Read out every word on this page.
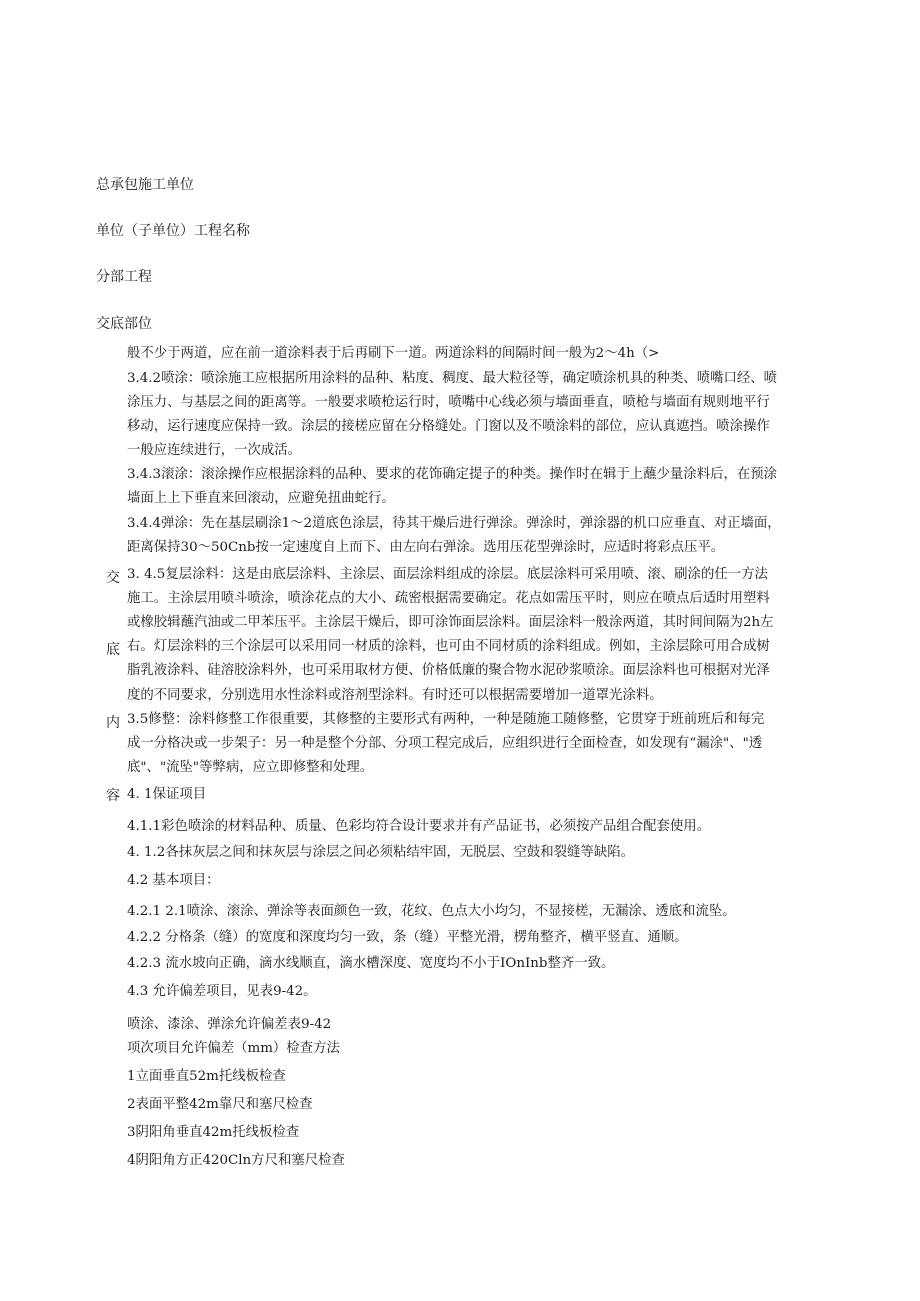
总承包施工单位
单位（子单位）工程名称
分部工程
交底部位
交
底
内
容
般不少于两道，应在前一道涂料表于后再刷下一道。两道涂料的间隔时间一般为2～4h（>
3.4.2喷涂：喷涂施工应根据所用涂料的品种、粘度、稠度、最大粒径等，确定喷涂机具的种类、喷嘴口经、喷
涂压力、与基层之间的距离等。一般要求喷枪运行时，喷嘴中心线必须与墙面垂直，喷枪与墙面有规则地平行
移动，运行速度应保持一致。涂层的接槎应留在分格缝处。门窗以及不喷涂料的部位，应认真遮挡。喷涂操作
一般应连续进行，一次成活。
3.4.3滚涂：滚涂操作应根据涂料的品种、要求的花饰确定提子的种类。操作时在辑于上蘸少量涂料后，在预涂
墙面上上下垂直来回滚动，应避免扭曲蛇行。
3.4.4弹涂：先在基层刷涂1～2道底色涂层，待其干燥后进行弹涂。弹涂时，弹涂器的机口应垂直、对正墙面，
距离保持30～50Cnb按一定速度自上而下、由左向右弹涂。选用压花型弹涂时，应适时将彩点压平。
3. 4.5复层涂料：这是由底层涂料、主涂层、面层涂料组成的涂层。底层涂料可采用喷、滚、刷涂的任一方法
施工。主涂层用喷斗喷涂，喷涂花点的大小、疏密根据需要确定。花点如需压平时，则应在喷点后适时用塑料
或橡胶辑蘸汽油或二甲苯压平。主涂层干燥后，即可涂饰面层涂料。面层涂料一般涂两道，其时间间隔为2h左
右。灯层涂料的三个涂层可以采用同一材质的涂料，也可由不同材质的涂料组成。例如，主涂层除可用合成树
脂乳液涂料、硅溶胶涂料外，也可采用取材方便、价格低廉的聚合物水泥砂浆喷涂。面层涂料也可根据对光泽
度的不同要求，分别选用水性涂料或溶剂型涂料。有时还可以根据需要增加一道罩光涂料。
3.5修整：涂料修整工作很重要，其修整的主要形式有两种，一种是随施工随修整，它贯穿于班前班后和每完
成一分格决或一步架子：另一种是整个分部、分项工程完成后，应组织进行全面检查，如发现有“漏涂"、"透
底"、"流坠"等弊病，应立即修整和处理。
4. 1保证项目
4.1.1彩色喷涂的材料品种、质量、色彩均符合设计要求并有产品证书，必须按产品组合配套使用。
4. 1.2各抹灰层之间和抹灰层与涂层之间必须粘结牢固，无脱层、空鼓和裂缝等缺陷。
4.2 基本项目：
4.2.1 2.1喷涂、滚涂、弹涂等表面颜色一致，花纹、色点大小均匀，不显接槎，无漏涂、透底和流坠。
4.2.2 分格条（缝）的宽度和深度均匀一致，条（缝）平整光滑，楞角整齐，横平竖直、通顺。
4.2.3 流水坡向正确，滴水线顺直，滴水槽深度、宽度均不小于IOnInb整齐一致。
4.3 允许偏差项目，见表9-42。
喷涂、漆涂、弹涂允许偏差表9-42
项次项目允许偏差（mm）检查方法
1立面垂直52m托线板检查
2表面平整42m靠尺和塞尺检查
3阴阳角垂直42m托线板检查
4阴阳角方正420Cln方尺和塞尺检查
